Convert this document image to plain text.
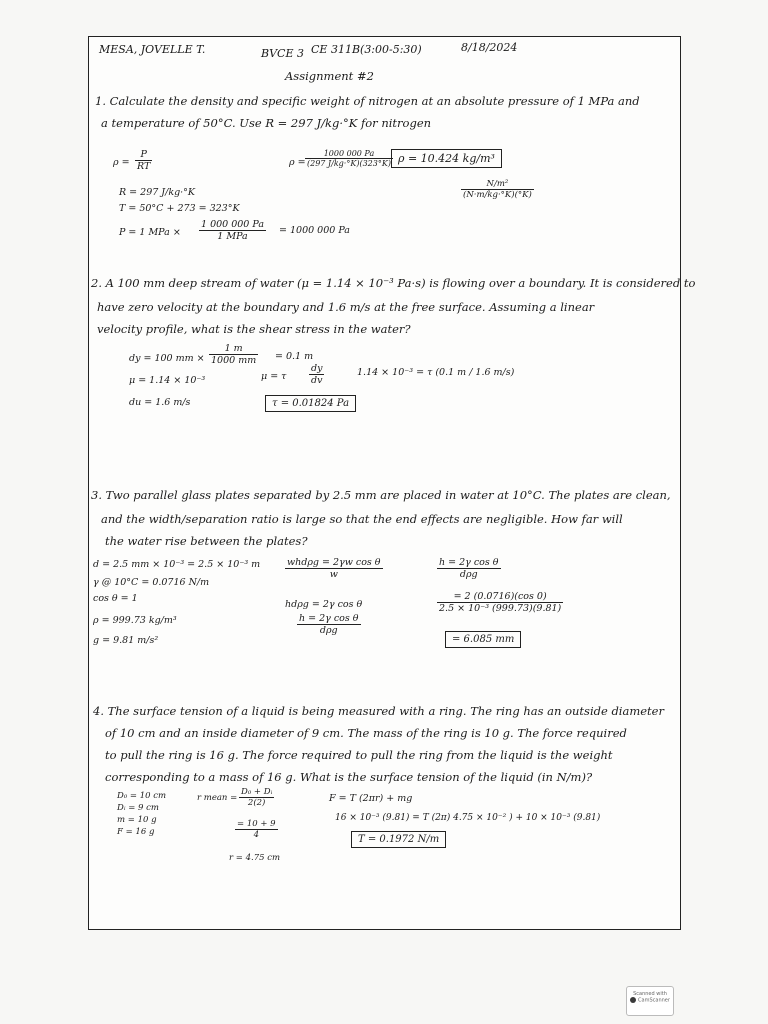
MESA, JOVELLE T.	BVCE 3 CE 311B(3:00-5:30)	8/18/2024
Assignment #2
1. Calculate the density and specific weight of nitrogen at an absolute pressure of 1 MPa and
a temperature of 50°C. Use R = 297 J/kg·°K for nitrogen
$\rho = \frac{P}{RT}$	$\rho = \frac{1000 000 Pa}{(297 J/kg\cdot^\circ K)(323^\circ K)}$ ρ = 10.424 kg/m³
$\frac{\text{N/m²}}{(N\cdot m/kg\cdot^\circ K)(^\circ K)}$
R = 297 J/kg·°K
T = 50°C + 273 = 323°K
P = 1 MPa ×
1 000 000 Pa
1 MPa
= 1000 000 Pa
2. A 100 mm deep stream of water (μ = 1.14 × 10⁻³ Pa·s) is flowing over a boundary. It is considered to
have zero velocity at the boundary and 1.6 m/s at the free surface. Assuming a linear
velocity profile, what is the shear stress in the water?
dy = 100 mm × $\frac{1 m}{1000 mm} = 0.1$ m
μ = 1.14 × 10⁻³
du = 1.6 m/s
μ = τ $\frac{dy}{dv}$	1.14 × 10⁻³ = τ (0.1 m / 1.6 m/s)
τ = 0.01824 Pa
3. Two parallel glass plates separated by 2.5 mm are placed in water at 10°C. The plates are clean,
and the width/separation ratio is large so that the end effects are negligible. How far will
the water rise between the plates?
d = 2.5 mm × 10⁻³ = 2.5 × 10⁻³ m
γ @ 10°C = 0.0716 N/m
cos θ = 1
ρ = 999.73 kg/m³
g = 9.81 m/s²
whdρg = 2γw cos θ
w
hdρg = 2γ cos θ
h = 2γ cos θ
dρg
h = 2γ cos θ
dρg
$\frac{= 2 (0.0716)(\cos 0)}{\text{2.5 × 10⁻³ (999.73)(9.81)}}$
= 6.085 mm
4. The surface tension of a liquid is being measured with a ring. The ring has an outside diameter
of 10 cm and an inside diameter of 9 cm. The mass of the ring is 10 g. The force required
to pull the ring is 16 g. The force required to pull the ring from the liquid is the weight
corresponding to a mass of 16 g. What is the surface tension of the liquid (in N/m)?
D₀ = 10 cm
Dᵢ = 9 cm
m = 10 g
F = 16 g
r mean = $\frac{\text{D₀ + Dᵢ}}{2(2)}$
$\frac{= 10 + 9}{4}$
r = 4.75 cm
F = T (2πr) + mg
16 × 10⁻³ (9.81) = T (2π) 4.75 × 10⁻² ) + 10 × 10⁻³ (9.81)
T = 0.1972 N/m
Scanned with
CamScanner
